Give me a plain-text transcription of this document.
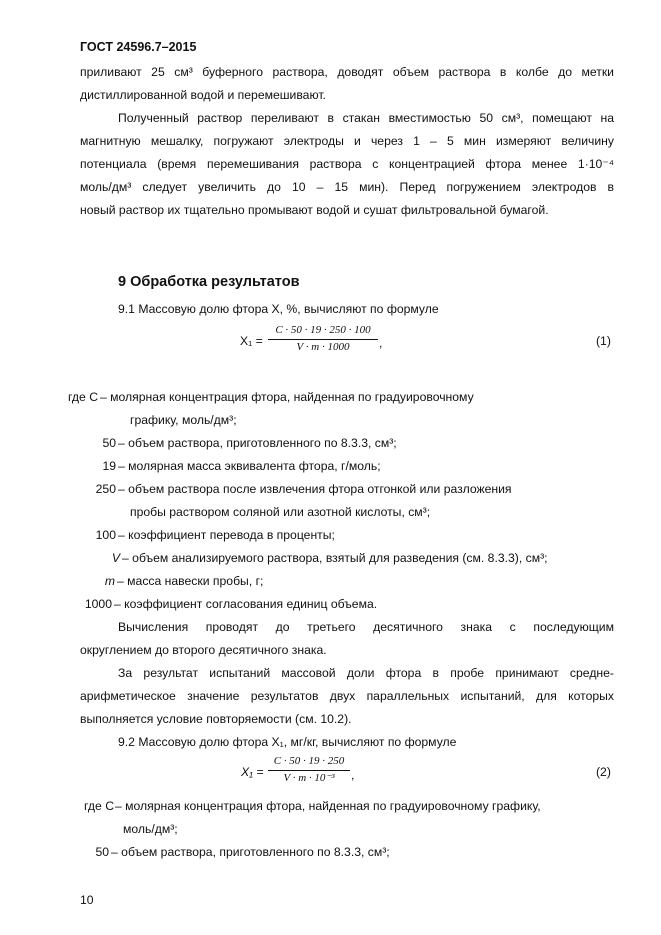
ГОСТ 24596.7–2015
приливают 25 см³ буферного раствора, доводят объем раствора в колбе до метки
дистиллированной водой и перемешивают.
Полученный раствор переливают в стакан вместимостью 50 см³, помещают на
магнитную мешалку, погружают электроды и через 1 – 5 мин измеряют величину
потенциала (время перемешивания раствора с концентрацией фтора менее 1·10⁻⁴
моль/дм³ следует увеличить до 10 – 15 мин). Перед погружением электродов в
новый раствор их тщательно промывают водой и сушат фильтровальной бумагой.
9 Обработка результатов
9.1 Массовую долю фтора X, %, вычисляют по формуле
X₁ =
C · 50 · 19 · 250 · 100
V · m · 1000	,	(1)
где C – молярная концентрация фтора, найденная по градуировочному
графику, моль/дм³;
50 – объем раствора, приготовленного по 8.3.3, см³;
19 – молярная масса эквивалента фтора, г/моль;
250 – объем раствора после извлечения фтора отгонкой или разложения
пробы раствором соляной или азотной кислоты, см³;
100 – коэффициент перевода в проценты;
V – объем анализируемого раствора, взятый для разведения (см. 8.3.3), см³;
m – масса навески пробы, г;
1000 – коэффициент согласования единиц объема.
Вычисления проводят до третьего десятичного знака с последующим
округлением до второго десятичного знака.
За результат испытаний массовой доли фтора в пробе принимают средне-
арифметическое значение результатов двух параллельных испытаний, для которых
выполняется условие повторяемости (см. 10.2).
9.2 Массовую долю фтора X₁, мг/кг, вычисляют по формуле
X₁ =
C · 50 · 19 · 250
V · m · 10⁻³	,	(2)
где C – молярная концентрация фтора, найденная по градуировочному графику,
моль/дм³;
50 – объем раствора, приготовленного по 8.3.3, см³;
10
